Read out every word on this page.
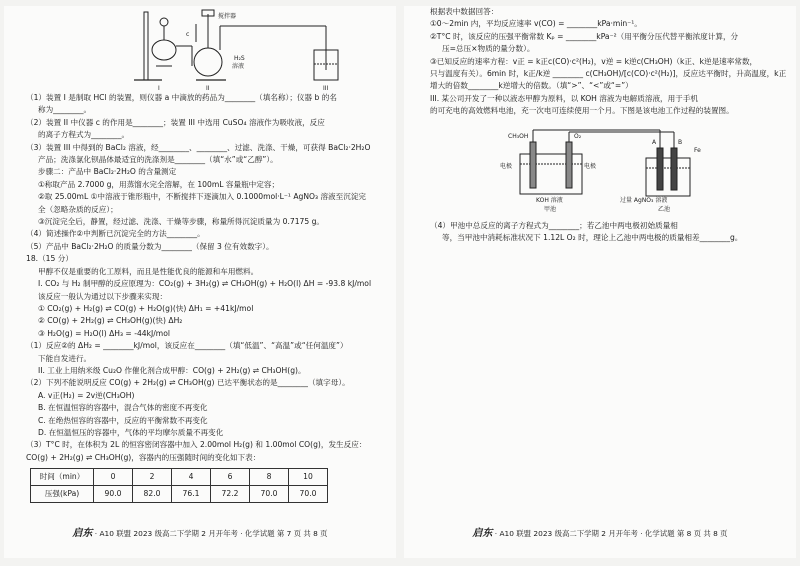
搅拌器
H₂S
溶液
c
I	II	III
（1）装置 I 是制取 HCl 的装置，则仪器 a 中滴放的药品为________（填名称）；仪器 b 的名
称为________。
（2）装置 II 中仪器 c 的作用是________；装置 III 中选用 CuSO₄ 溶液作为吸收液，反应
的离子方程式为________。
（3）装置 III 中得到的 BaCl₂ 溶液，经________、________、过滤、洗涤、干燥，可获得 BaCl₂·2H₂O
产品；洗涤氯化钡晶体最适宜的洗涤剂是________（填“水”或“乙醇”）。
步骤二：产品中 BaCl₂·2H₂O 的含量测定
①称取产品 2.7000 g，用蒸馏水完全溶解，在 100mL 容量瓶中定容；
②取 25.00mL ①中溶液于锥形瓶中，不断搅拌下逐滴加入 0.1000mol·L⁻¹ AgNO₃ 溶液至沉淀完
全（忽略杂质的反应）；
③沉淀完全后，静置，经过滤、洗涤、干燥等步骤，称量所得沉淀质量为 0.7175 g。
（4）简述操作②中判断已沉淀完全的方法________。
（5）产品中 BaCl₂·2H₂O 的质量分数为________（保留 3 位有效数字）。
18.（15 分）
甲醇不仅是重要的化工原料，而且是性能优良的能源和车用燃料。
I. CO₂ 与 H₂ 制甲醇的反应原理为：CO₂(g) + 3H₂(g) ⇌ CH₃OH(g) + H₂O(l) ΔH = -93.8 kJ/mol
该反应一般认为通过以下步骤来实现：
① CO₂(g) + H₂(g) ⇌ CO(g) + H₂O(g)(快) ΔH₁ = +41kJ/mol
② CO(g) + 2H₂(g) ⇌ CH₃OH(g)(快) ΔH₂
③ H₂O(g) = H₂O(l) ΔH₃ = -44kJ/mol
（1）反应②的 ΔH₂ = ________kJ/mol，该反应在________（填“低温”、“高温”或“任何温度”）
下能自发进行。
II. 工业上用纳米级 Cu₂O 作催化剂合成甲醇：CO(g) + 2H₂(g) ⇌ CH₃OH(g)。
（2）下列不能说明反应 CO(g) + 2H₂(g) ⇌ CH₃OH(g) 已达平衡状态的是________（填字母）。
A. v正(H₂) = 2v逆(CH₃OH)
B. 在恒温恒容的容器中，混合气体的密度不再变化
C. 在绝热恒容的容器中，反应的平衡常数不再变化
D. 在恒温恒压的容器中，气体的平均摩尔质量不再变化
（3）T°C 时，在体积为 2L 的恒容密闭容器中加入 2.00mol H₂(g) 和 1.00mol CO(g)，发生反应：
CO(g) + 2H₂(g) ⇌ CH₃OH(g)，容器内的压强随时间的变化如下表：
时间（min）	0	2	4	6	8	10
压强(kPa)	90.0	82.0	76.1	72.2	70.0	70.0
启东 · A10 联盟 2023 级高二下学期 2 月开年考 · 化学试题 第 7 页 共 8 页
根据表中数据回答：
①0～2min 内，平均反应速率 v(CO) = ________kPa·min⁻¹。
②T°C 时，该反应的压强平衡常数 Kₚ = ________kPa⁻²（用平衡分压代替平衡浓度计算，分
压=总压×物质的量分数）。
③已知反应的速率方程：v正 = k正c(CO)·c²(H₂)，v逆 = k逆c(CH₃OH)（k正、k逆是速率常数，
只与温度有关）。6min 时，k正/k逆 ________ c(CH₃OH)/[c(CO)·c²(H₂)]，反应达平衡时，升高温度，k正
增大的倍数________k逆增大的倍数。（填“>”、“<”或“=”）
III. 某公司开发了一种以液态甲醇为原料，以 KOH 溶液为电解质溶液，用于手机
的可充电的高效燃料电池，充一次电可连续使用一个月。下图是该电池工作过程的装置图。
CH₃OH	O₂
电极	电极
KOH 溶液
甲池
A	B
Fe
过量 AgNO₃ 溶液
乙池
（4）甲池中总反应的离子方程式为________；若乙池中两电极初始质量相
等，当甲池中消耗标准状况下 1.12L O₂ 时，理论上乙池中两电极的质量相差________g。
启东 · A10 联盟 2023 级高二下学期 2 月开年考 · 化学试题 第 8 页 共 8 页
